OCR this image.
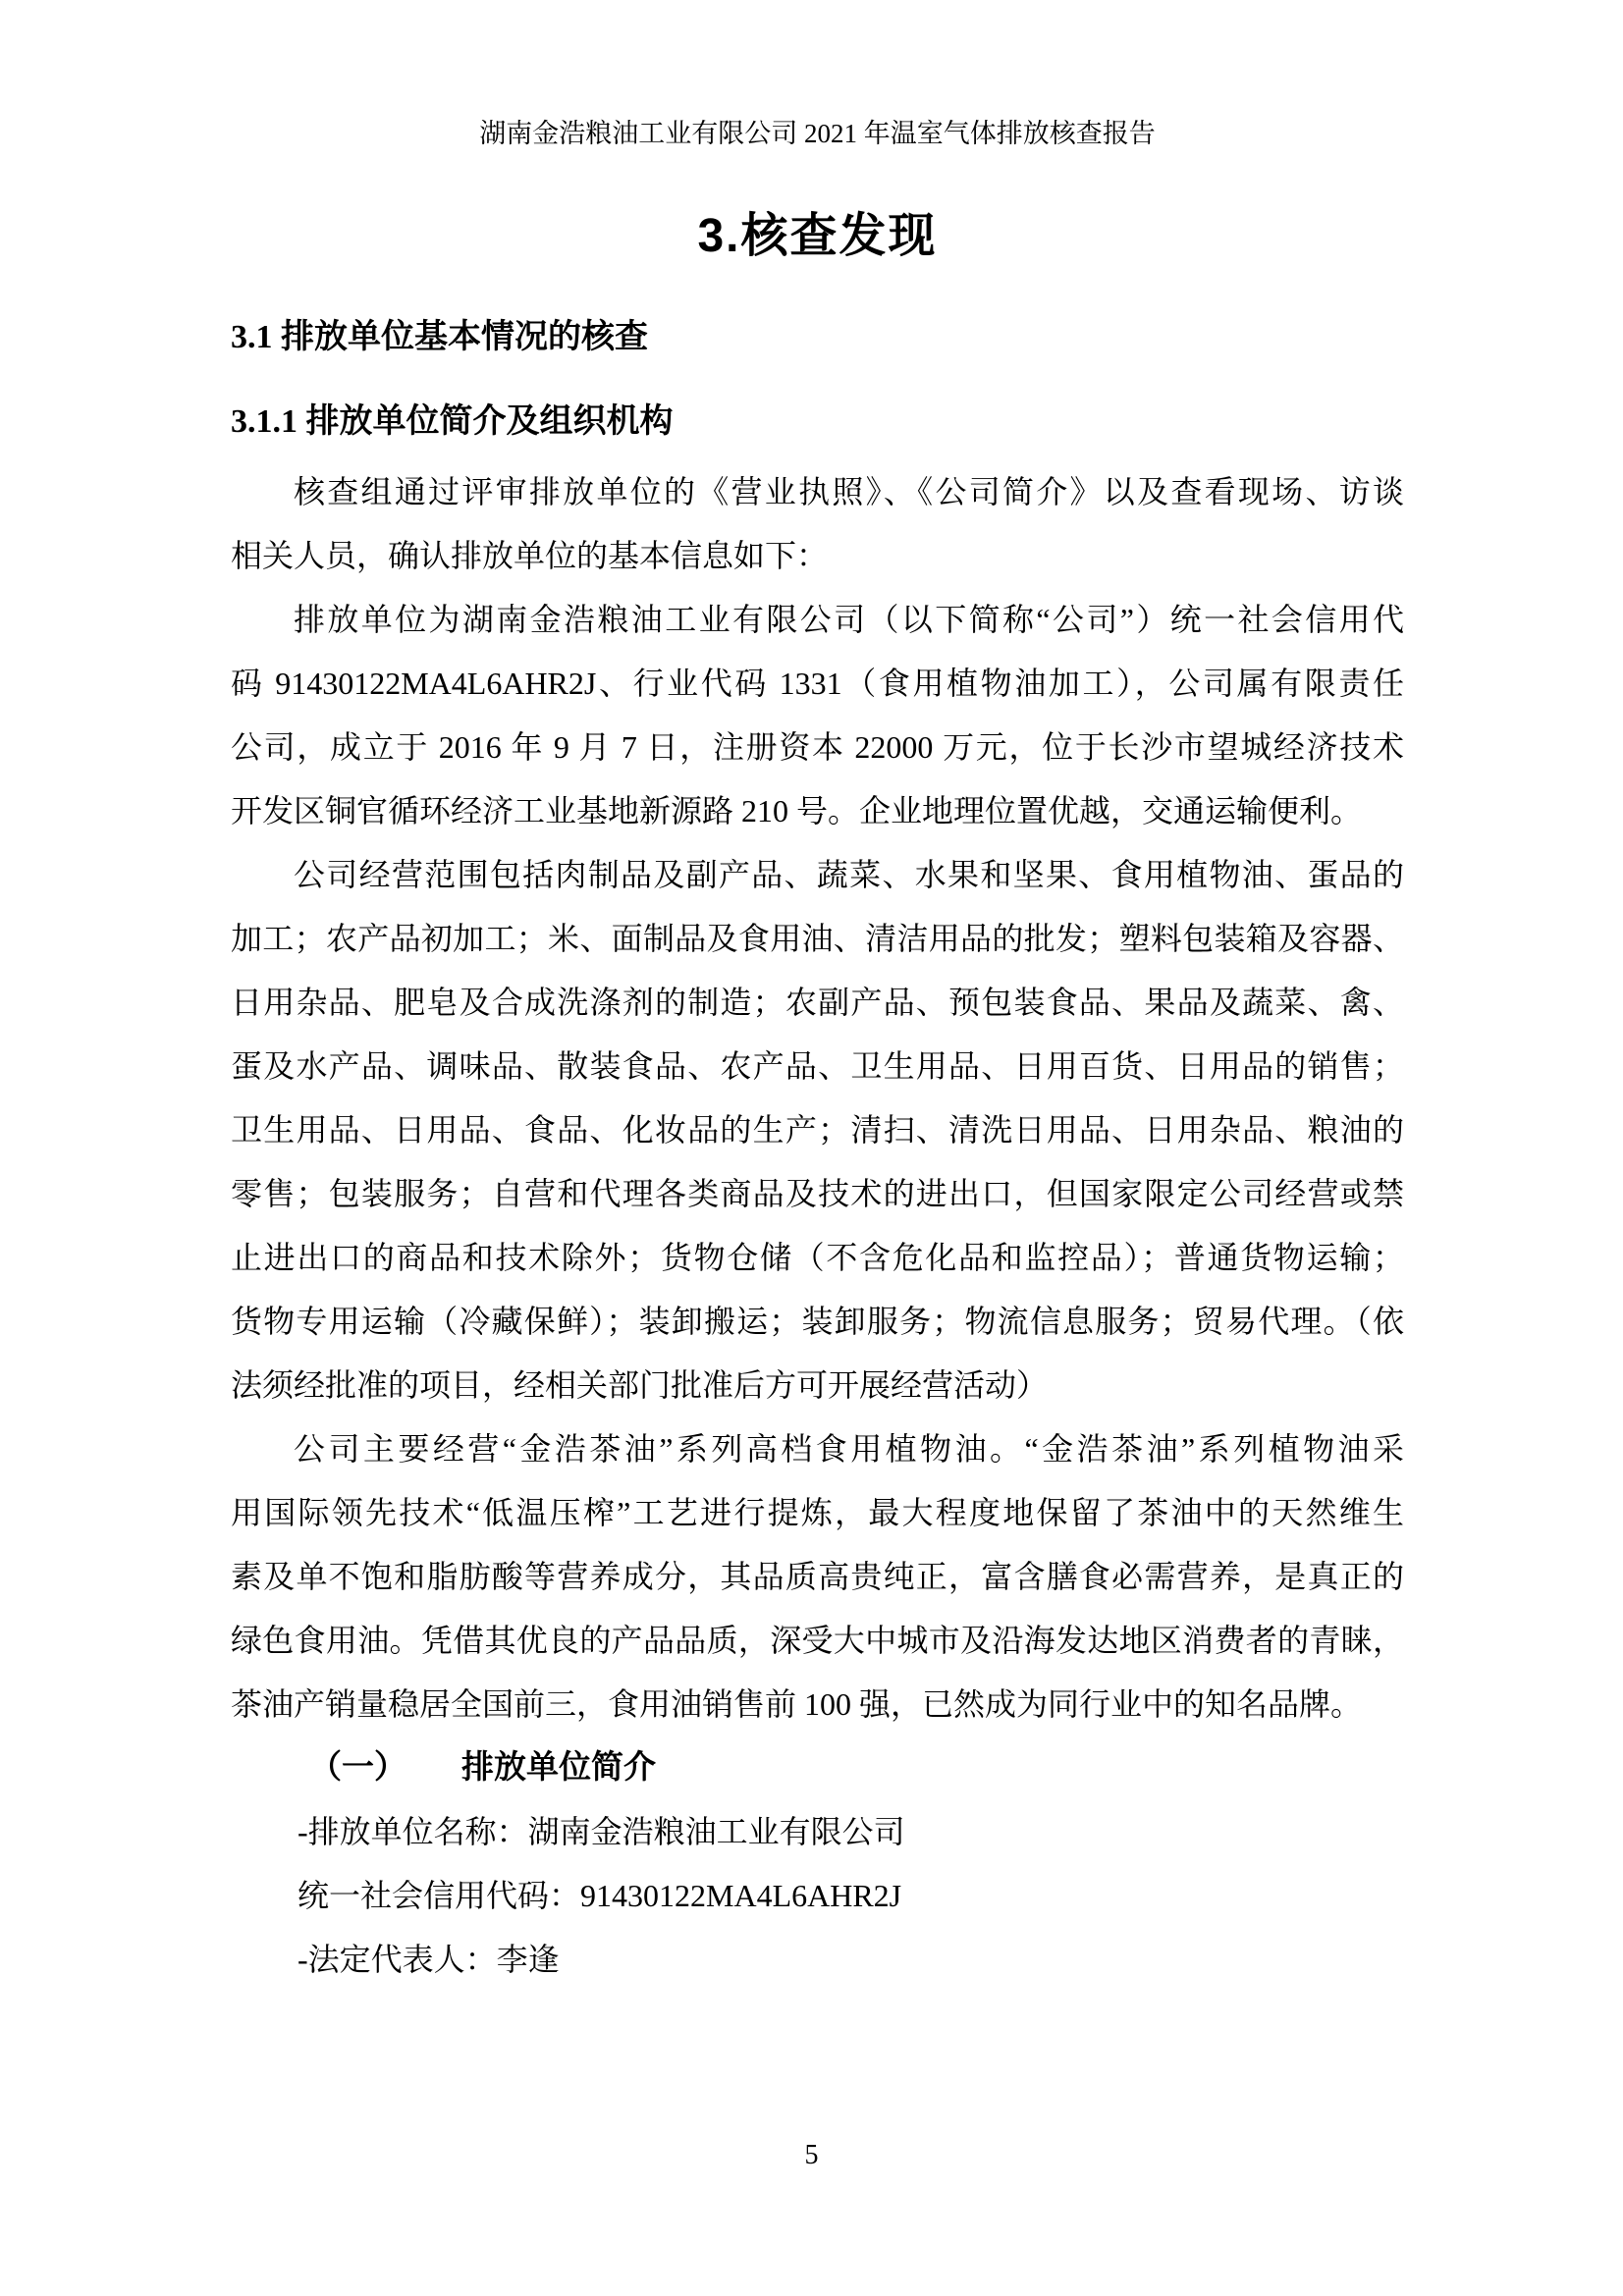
湖南金浩粮油工业有限公司 2021 年温室气体排放核查报告
3.核查发现
3.1 排放单位基本情况的核查
3.1.1 排放单位简介及组织机构
核查组通过评审排放单位的《营业执照》、《公司简介》以及查看现场、访谈
相关人员，确认排放单位的基本信息如下：
排放单位为湖南金浩粮油工业有限公司（以下简称“公司”）统一社会信用代
码 91430122MA4L6AHR2J、行业代码 1331（食用植物油加工），公司属有限责任
公司，成立于 2016 年 9 月 7 日，注册资本 22000 万元，位于长沙市望城经济技术
开发区铜官循环经济工业基地新源路 210 号。企业地理位置优越，交通运输便利。
公司经营范围包括肉制品及副产品、蔬菜、水果和坚果、食用植物油、蛋品的
加工；农产品初加工；米、面制品及食用油、清洁用品的批发；塑料包装箱及容器、
日用杂品、肥皂及合成洗涤剂的制造；农副产品、预包装食品、果品及蔬菜、禽、
蛋及水产品、调味品、散装食品、农产品、卫生用品、日用百货、日用品的销售；
卫生用品、日用品、食品、化妆品的生产；清扫、清洗日用品、日用杂品、粮油的
零售；包装服务；自营和代理各类商品及技术的进出口，但国家限定公司经营或禁
止进出口的商品和技术除外；货物仓储（不含危化品和监控品）；普通货物运输；
货物专用运输（冷藏保鲜）；装卸搬运；装卸服务；物流信息服务；贸易代理。（依
法须经批准的项目，经相关部门批准后方可开展经营活动）
公司主要经营“金浩茶油”系列高档食用植物油。“金浩茶油”系列植物油采
用国际领先技术“低温压榨”工艺进行提炼，最大程度地保留了茶油中的天然维生
素及单不饱和脂肪酸等营养成分，其品质高贵纯正，富含膳食必需营养，是真正的
绿色食用油。凭借其优良的产品品质，深受大中城市及沿海发达地区消费者的青睐，
茶油产销量稳居全国前三，食用油销售前 100 强，已然成为同行业中的知名品牌。
（一） 排放单位简介
-排放单位名称：湖南金浩粮油工业有限公司
统一社会信用代码：91430122MA4L6AHR2J
-法定代表人：李逢
5
